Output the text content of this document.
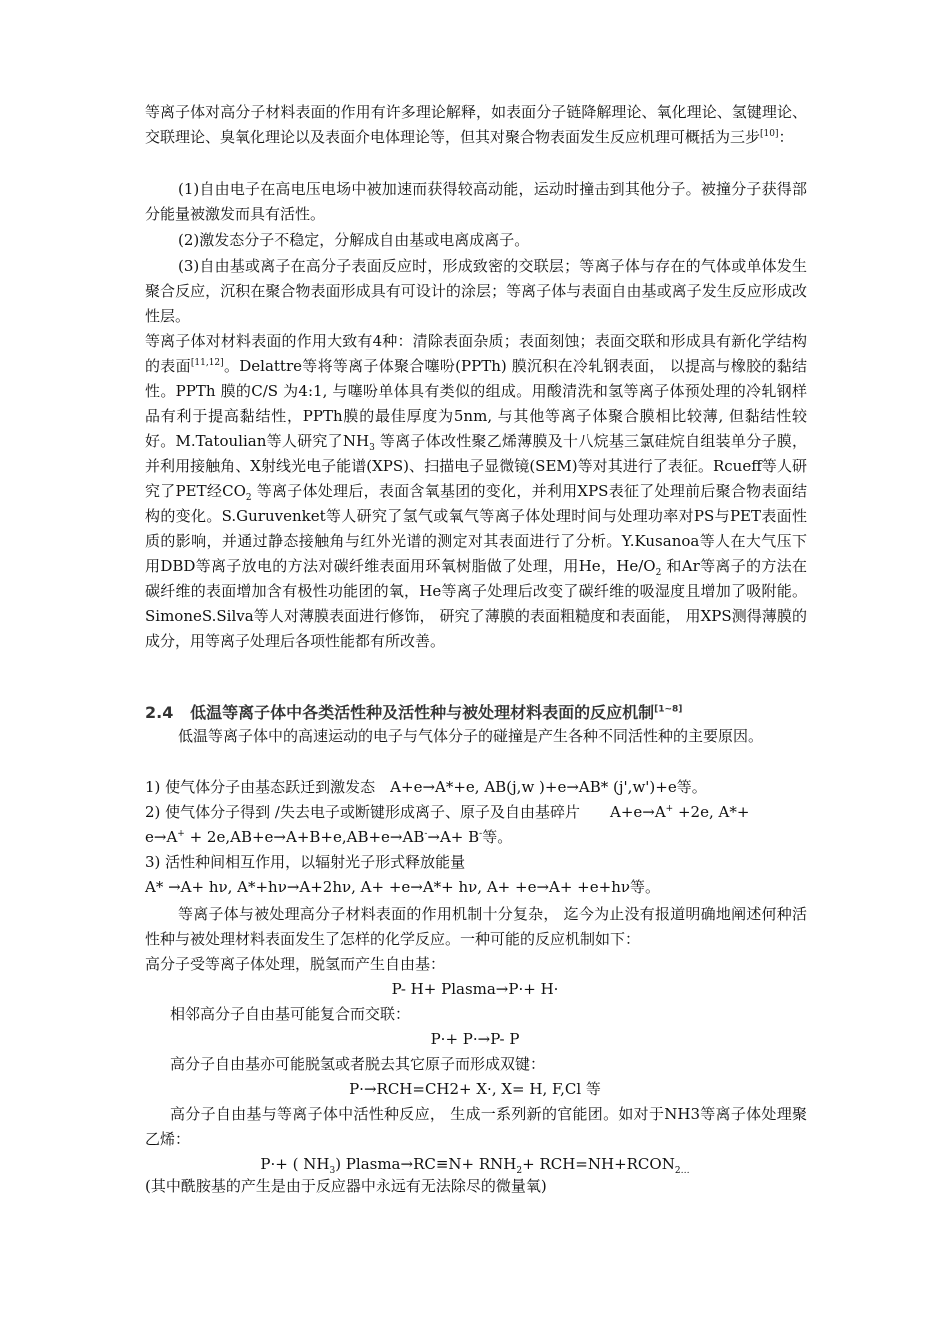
等离子体对高分子材料表面的作用有许多理论解释，如表面分子链降解理论、氧化理论、氢键理论、交联理论、臭氧化理论以及表面介电体理论等，但其对聚合物表面发生反应机理可概括为三步[10]：

(1)自由电子在高电压电场中被加速而获得较高动能，运动时撞击到其他分子。被撞分子获得部分能量被激发而具有活性。

(2)激发态分子不稳定，分解成自由基或电离成离子。

(3)自由基或离子在高分子表面反应时，形成致密的交联层；等离子体与存在的气体或单体发生聚合反应，沉积在聚合物表面形成具有可设计的涂层；等离子体与表面自由基或离子发生反应形成改性层。

等离子体对材料表面的作用大致有4种：清除表面杂质；表面刻蚀；表面交联和形成具有新化学结构的表面[11,12]。Delattre等将等离子体聚合噻吩(PPTh) 膜沉积在冷轧钢表面， 以提高与橡胶的黏结性。PPTh 膜的C/S 为4:1, 与噻吩单体具有类似的组成。用酸清洗和氢等离子体预处理的冷轧钢样品有利于提高黏结性，PPTh膜的最佳厚度为5nm, 与其他等离子体聚合膜相比较薄, 但黏结性较好。M.Tatoulian等人研究了$NH_3$ 等离子体改性聚乙烯薄膜及十八烷基三氯硅烷自组装单分子膜，并利用接触角、X射线光电子能谱(XPS)、扫描电子显微镜(SEM)等对其进行了表征。Rcueff等人研究了PET经$CO_2$ 等离子体处理后，表面含氧基团的变化，并利用XPS表征了处理前后聚合物表面结构的变化。S.Guruvenket等人研究了氢气或氧气等离子体处理时间与处理功率对PS与PET表面性质的影响，并通过静态接触角与红外光谱的测定对其表面进行了分析。Y.Kusanoa等人在大气压下用DBD等离子放电的方法对碳纤维表面用环氧树脂做了处理，用He，$He/O_2$ 和Ar等离子的方法在碳纤维的表面增加含有极性功能团的氧，He等离子处理后改变了碳纤维的吸湿度且增加了吸附能。 SimoneS.Silva等人对薄膜表面进行修饰， 研究了薄膜的表面粗糙度和表面能， 用XPS测得薄膜的成分，用等离子处理后各项性能都有所改善。

2.4 低温等离子体中各类活性种及活性种与被处理材料表面的反应机制[1~8]

低温等离子体中的高速运动的电子与气体分子的碰撞是产生各种不同活性种的主要原因。

1) 使气体分子由基态跃迁到激发态　A+e→A*+e, AB(j,w )+e→AB* (j',w')+e等。

2) 使气体分子得到 /失去电子或断键形成离子、原子及自由基碎片　　A+e→A+ +2e, A*+
e→A+ + 2e,AB+e→A+B+e,AB+e→AB-→A+ B-等。

3) 活性种间相互作用，以辐射光子形式释放能量

A* →A+ hν, A*+hν→A+2hν, A+ +e→A*+ hν, A+ +e→A+ +e+hν等。

等离子体与被处理高分子材料表面的作用机制十分复杂， 迄今为止没有报道明确地阐述何种活性种与被处理材料表面发生了怎样的化学反应。一种可能的反应机制如下：

高分子受等离子体处理，脱氢而产生自由基：

P- H+ Plasma→P·+ H·

相邻高分子自由基可能复合而交联：

P·+ P·→P- P

高分子自由基亦可能脱氢或者脱去其它原子而形成双键：

P·→RCH=CH2+ X·, X= H, F,Cl 等

高分子自由基与等离子体中活性种反应， 生成一系列新的官能团。如对于NH3等离子体处理聚乙烯：

P·+ ( $NH_3$) Plasma→RC≡N+ $RNH_2+$ $RCH=NH+RCON_{2\dots}$

(其中酰胺基的产生是由于反应器中永远有无法除尽的微量氧)
